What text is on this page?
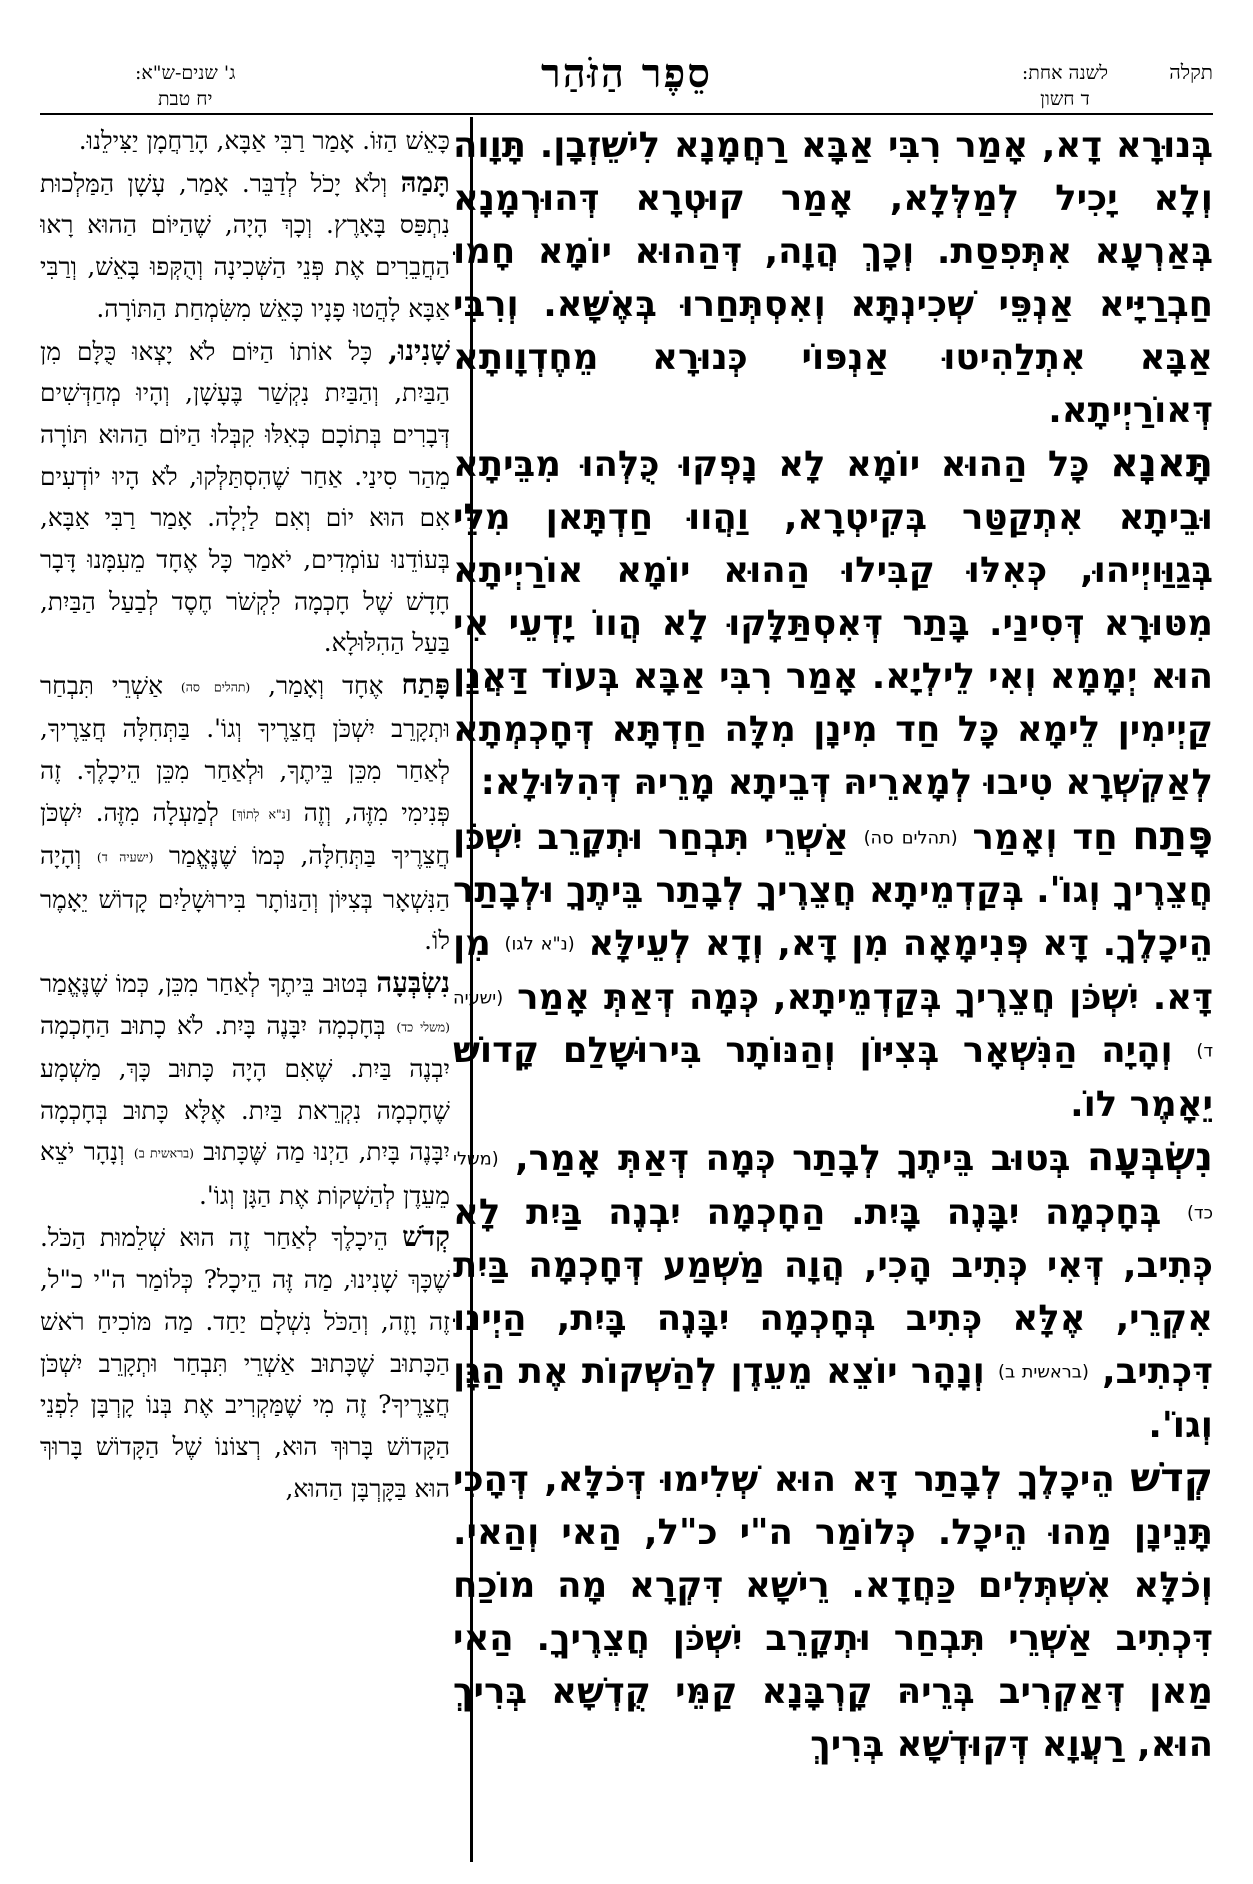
תקלה
לשנה אחת:
ד חשון
סֵפֶר הַזֹּהַר
ג' שנים-ש"א:
יח טבת

בְּנוּרָא דָא, אָמַר רִבִּי אַבָּא רַחֲמָנָא לִישֵׁזְבָן. תָּוָוה וְלָא יָכִיל לְמַלְּלָא, אָמַר קוּטְרָא דְּהוּרְמָנָא בְּאַרְעָא אִתְּפִסַת. וְכָךְ הֲוָה, דְּהַהוּא יוֹמָא חָמוּ חַבְרַיָּיא אַנְפֵּי שְׁכִינְתָּא וְאִסְתְּחַרוּ בְּאֶשָּׁא. וְרִבִּי אַבָּא אִתְלַהִיטוּ אַנְפּוֹי כְּנוּרָא מֵחֶדְוָותָא דְּאוֹרַיְיתָא.

תָּאנָא כָּל הַהוּא יוֹמָא לָא נָפְקוּ כֻּלְּהוּ מִבֵּיתָא וּבֵיתָא אִתְקַטַּר בְּקִיטְרָא, וַהֲווּ חַדְתָּאן מִלֵּי בְּגַוַּויְיהוּ, כְּאִלּוּ קַבִּילוּ הַהוּא יוֹמָא אוֹרַיְיתָא מִטּוּרָא דְּסִינַי. בָּתַר דְּאִסְתַּלָּקוּ לָא הֲווֹ יָדְעֵי אִי הוּא יְמָמָא וְאִי לֵילְיָא. אָמַר רִבִּי אַבָּא בְּעוֹד דַּאֲנַן קַיְימִין לֵימָא כָּל חַד מִינָן מִלָּה חַדְתָּא דְּחָכְמְתָא לְאַקְשְׁרָא טִיבוּ לְמָארֵיהּ דְּבֵיתָא מָרֵיהּ דְּהִלּוּלָא:

פָּתַח חַד וְאָמַר (תהלים סה) אַשְׁרֵי תִּבְחַר וּתְקָרֵב יִשְׁכֹּן חֲצֵרֶיךָ וְגוֹ'. בְּקַדְמֵיתָא חֲצֵרֶיךָ לְבָתַר בֵּיתֶךָ וּלְבָתַר הֵיכָלֶךָ. דָּא פְּנִימָאָה מִן דָּא, וְדָא לְעֵילָּא (נ"א לגו) מִן דָּא. יִשְׁכֹּן חֲצֵרֶיךָ בְּקַדְמֵיתָא, כְּמָה דְּאַתְּ אָמַר (ישעיה ד) וְהָיָה הַנִּשְׁאָר בְּצִיּוֹן וְהַנּוֹתָר בִּירוּשָׁלַם קָדוֹשׁ יֵאָמֶר לוֹ.

נִשְׂבְּעָה בְּטוּב בֵּיתֶךָ לְבָתַר כְּמָה דְּאַתְּ אָמַר, (משלי כד) בְּחָכְמָה יִבָּנֶה בָּיִת. הַחָכְמָה יִבְנֶה בַּיִת לָא כְּתִיב, דְּאִי כְּתִיב הָכִי, הֲוָה מַשְׁמַע דְּחָכְמָה בַּיִת אִקְרֵי, אֶלָּא כְּתִיב בְּחָכְמָה יִבָּנֶה בָּיִת, הַיְינוּ דִּכְתִיב, (בראשית ב) וְנָהָר יוֹצֵא מֵעֵדֶן לְהַשְׁקוֹת אֶת הַגָּן וְגוֹ'.

קְדֹשׁ הֵיכָלֶךָ לְבָתַר דָּא הוּא שְׁלִימוּ דְּכֹלָּא, דְּהָכִי תָּנֵינָן מַהוּ הֵיכָל. כְּלוֹמַר ה"י כ"ל, הַאי וְהַאי. וְכֹלָּא אִשְׁתְּלִים כַּחֲדָא. רֵישָׁא דִּקְרָא מָה מוֹכַח דִּכְתִיב אַשְׁרֵי תִּבְחַר וּתְקָרֵב יִשְׁכֹּן חֲצֵרֶיךָ. הַאי מַאן דְּאַקְרִיב בְּרֵיהּ קָרְבָּנָא קַמֵּי קֻדְשָׁא בְּרִיךְ הוּא, רַעֲוָא דְּקוּדְשָׁא בְּרִיךְ

כָּאֵשׁ הַזּוֹ. אָמַר רַבִּי אַבָּא, הָרַחֲמָן יַצִּילֵנוּ.

תָּמַהּ וְלֹא יָכֹל לְדַבֵּר. אָמַר, עָשָׁן הַמַּלְכוּת נִתְפַּס בָּאָרֶץ. וְכָךְ הָיָה, שֶׁהַיּוֹם הַהוּא רָאוּ הַחֲבֵרִים אֶת פְּנֵי הַשְּׁכִינָה וְהֻקְּפוּ בָּאֵשׁ, וְרַבִּי אַבָּא לָהֲטוּ פָנָיו כָּאֵשׁ מִשִּׂמְחַת הַתּוֹרָה.

שָׁנִינוּ, כָּל אוֹתוֹ הַיּוֹם לֹא יָצְאוּ כֻּלָּם מִן הַבַּיִת, וְהַבַּיִת נִקְשַׁר בֶּעָשָׁן, וְהָיוּ מְחַדְּשִׁים דְּבָרִים בְּתוֹכָם כְּאִלּוּ קִבְּלוּ הַיּוֹם הַהוּא תּוֹרָה מֵהַר סִינַי. אַחַר שֶׁהִסְתַּלְּקוּ, לֹא הָיוּ יוֹדְעִים אִם הוּא יוֹם וְאִם לַיְלָה. אָמַר רַבִּי אַבָּא, בְּעוֹדֵנוּ עוֹמְדִים, יֹאמַר כָּל אֶחָד מֵעִמָּנוּ דָּבָר חָדָשׁ שֶׁל חָכְמָה לִקְשֹׁר חֶסֶד לְבַעַל הַבַּיִת, בַּעַל הַהִלּוּלָא.

פָּתַח אֶחָד וְאָמַר, (תהלים סה) אַשְׁרֵי תִּבְחַר וּתְקָרֵב יִשְׁכֹּן חֲצֵרֶיךָ וְגוֹ'. בַּתְּחִלָּה חֲצֵרֶיךָ, לְאַחַר מִכֵּן בֵּיתֶךָ, וּלְאַחַר מִכֵּן הֵיכָלֶךָ. זֶה פְּנִימִי מִזֶּה, וְזֶה [נ"א לְתוֹךְ] לְמַעְלָה מִזֶּה. יִשְׁכֹּן חֲצֵרֶיךָ בַּתְּחִלָּה, כְּמוֹ שֶׁנֶּאֱמַר (ישעיה ד) וְהָיָה הַנִּשְׁאָר בְּצִיּוֹן וְהַנּוֹתָר בִּירוּשָׁלַיִם קָדוֹשׁ יֵאָמֶר לוֹ.

נִשְׂבְּעָה בְּטוּב בֵּיתֶךָ לְאַחַר מִכֵּן, כְּמוֹ שֶׁנֶּאֱמַר (משלי כד) בְּחָכְמָה יִבָּנֶה בָּיִת. לֹא כָתוּב הַחָכְמָה יִבְנֶה בַּיִת. שֶׁאִם הָיָה כָּתוּב כָּךְ, מַשְׁמָע שֶׁחָכְמָה נִקְרֵאת בַּיִת. אֶלָּא כָּתוּב בְּחָכְמָה יִבָּנֶה בָּיִת, הַיְנוּ מַה שֶּׁכָּתוּב (בראשית ב) וְנָהָר יֹצֵא מֵעֵדֶן לְהַשְׁקוֹת אֶת הַגָּן וְגוֹ'.

קְדֹשׁ הֵיכָלֶךָ לְאַחַר זֶה הוּא שְׁלֵמוּת הַכֹּל. שֶׁכָּךְ שָׁנִינוּ, מַה זֶּה הֵיכָל? כְּלוֹמַר ה"י כ"ל, זֶה וָזֶה, וְהַכֹּל נִשְׁלָם יַחַד. מַה מּוֹכִיחַ רֹאשׁ הַכָּתוּב שֶׁכָּתוּב אַשְׁרֵי תִּבְחַר וּתְקָרֵב יִשְׁכֹּן חֲצֵרֶיךָ? זֶה מִי שֶׁמַּקְרִיב אֶת בְּנוֹ קָרְבָּן לִפְנֵי הַקָּדוֹשׁ בָּרוּךְ הוּא, רְצוֹנוֹ שֶׁל הַקָּדוֹשׁ בָּרוּךְ הוּא בַּקָּרְבָּן הַהוּא,
